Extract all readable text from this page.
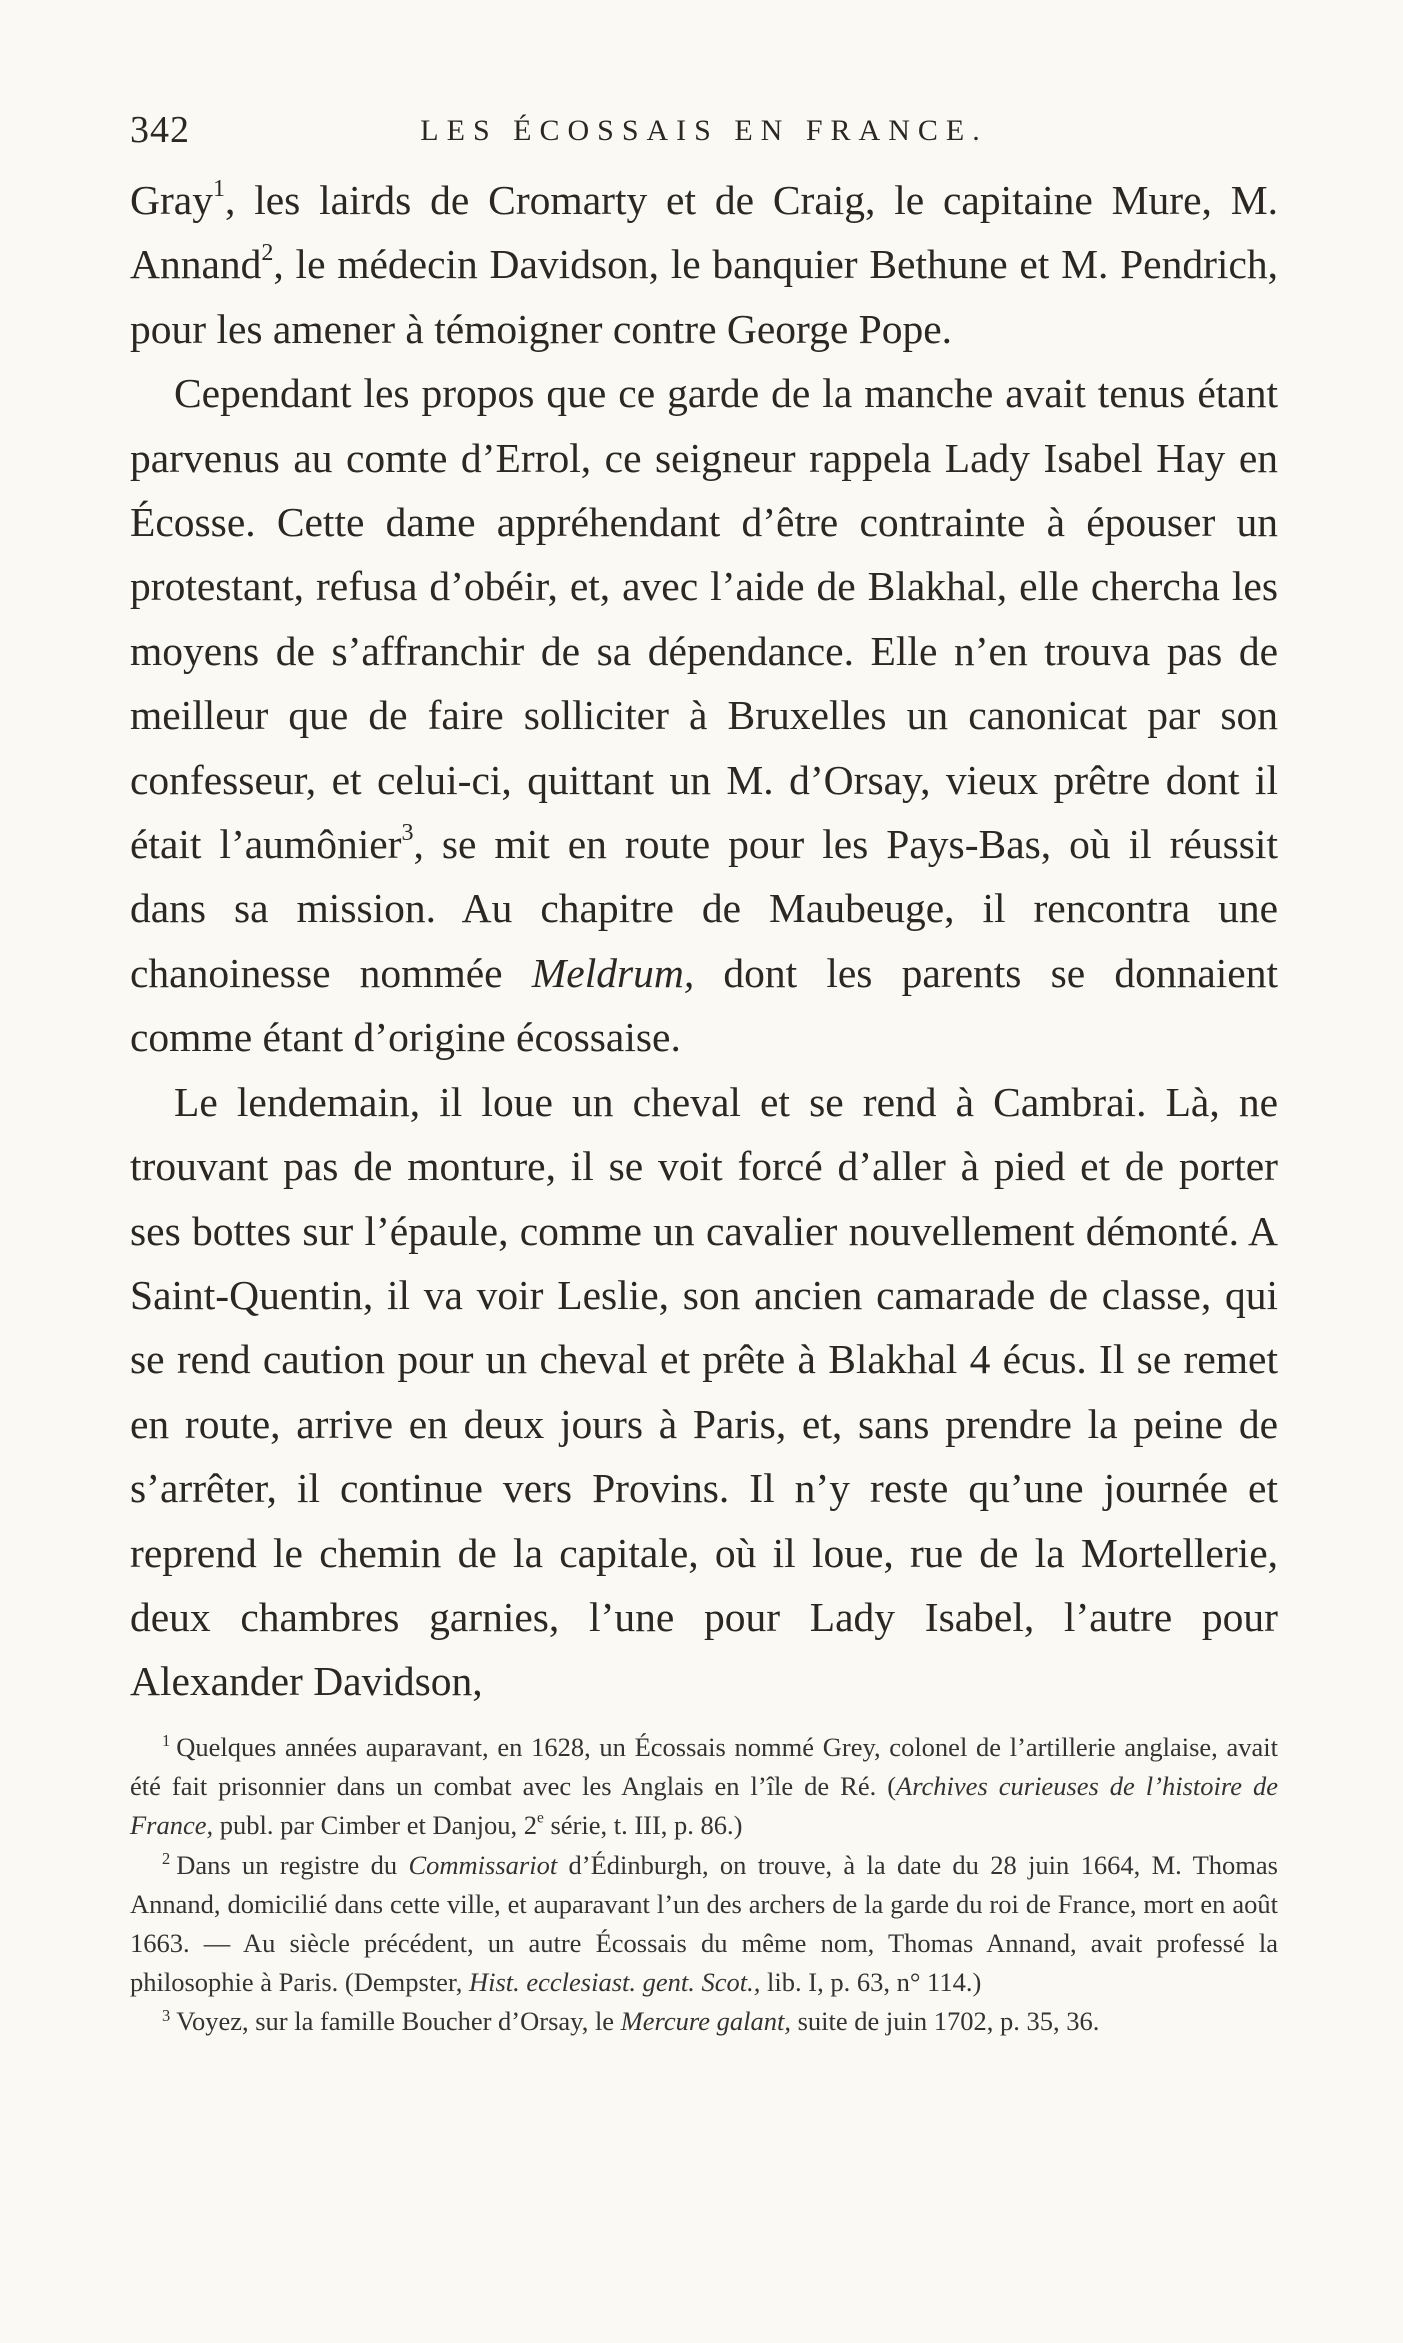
342	LES ÉCOSSAIS EN FRANCE.

Gray$^1$, les lairds de Cromarty et de Craig, le capitaine Mure, M. Annand$^2$, le médecin Davidson, le banquier Bethune et M. Pendrich, pour les amener à témoigner contre George Pope.

Cependant les propos que ce garde de la manche avait tenus étant parvenus au comte d’Errol, ce seigneur rappela Lady Isabel Hay en Écosse. Cette dame appréhendant d’être contrainte à épouser un protestant, refusa d’obéir, et, avec l’aide de Blakhal, elle chercha les moyens de s’affranchir de sa dépendance. Elle n’en trouva pas de meilleur que de faire solliciter à Bruxelles un canonicat par son confesseur, et celui-ci, quittant un M. d’Orsay, vieux prêtre dont il était l’aumônier$^3$, se mit en route pour les Pays-Bas, où il réussit dans sa mission. Au chapitre de Maubeuge, il rencontra une chanoinesse nommée Meldrum, dont les parents se donnaient comme étant d’origine écossaise.

Le lendemain, il loue un cheval et se rend à Cambrai. Là, ne trouvant pas de monture, il se voit forcé d’aller à pied et de porter ses bottes sur l’épaule, comme un cavalier nouvellement démonté. A Saint-Quentin, il va voir Leslie, son ancien camarade de classe, qui se rend caution pour un cheval et prête à Blakhal 4 écus. Il se remet en route, arrive en deux jours à Paris, et, sans prendre la peine de s’arrêter, il continue vers Provins. Il n’y reste qu’une journée et reprend le chemin de la capitale, où il loue, rue de la Mortellerie, deux chambres garnies, l’une pour Lady Isabel, l’autre pour Alexander Davidson,

$^1$ Quelques années auparavant, en 1628, un Écossais nommé Grey, colonel de l’artillerie anglaise, avait été fait prisonnier dans un combat avec les Anglais en l’île de Ré. (Archives curieuses de l’histoire de France, publ. par Cimber et Danjou, 2e série, t. III, p. 86.)

$^2$ Dans un registre du Commissariot d’Édinburgh, on trouve, à la date du 28 juin 1664, M. Thomas Annand, domicilié dans cette ville, et auparavant l’un des archers de la garde du roi de France, mort en août 1663. — Au siècle précédent, un autre Écossais du même nom, Thomas Annand, avait professé la philosophie à Paris. (Dempster, Hist. ecclesiast. gent. Scot., lib. I, p. 63, n° 114.)

$^3$ Voyez, sur la famille Boucher d’Orsay, le Mercure galant, suite de juin 1702, p. 35, 36.
